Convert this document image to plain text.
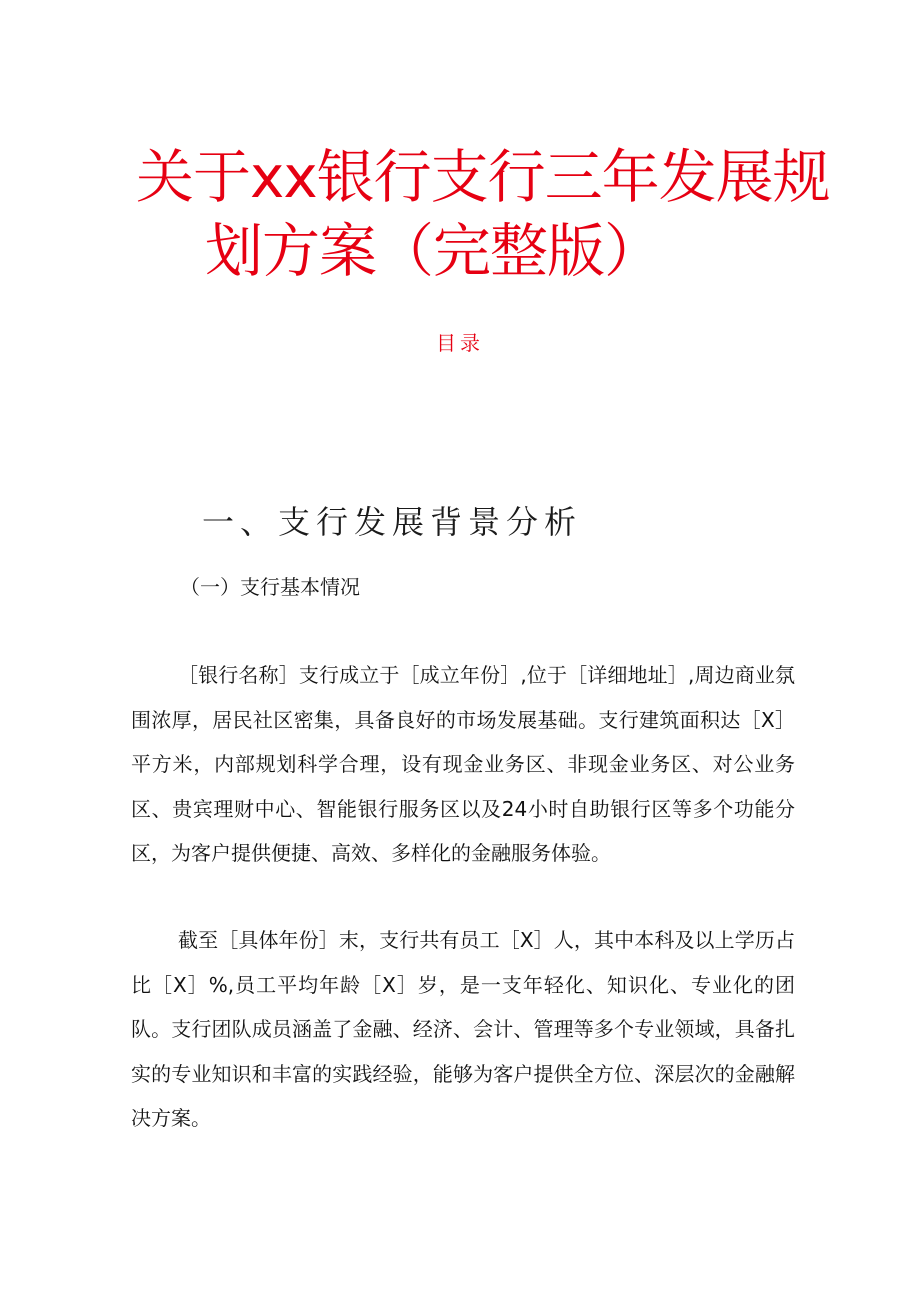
关于xx银行支行三年发展规
划方案（完整版）
目录
一、支行发展背景分析
（一）支行基本情况

［银行名称］支行成立于［成立年份］,位于［详细地址］,周边商业氛围浓厚，居民社区密集，具备良好的市场发展基础。支行建筑面积达［X］平方米，内部规划科学合理，设有现金业务区、非现金业务区、对公业务区、贵宾理财中心、智能银行服务区以及24小时自助银行区等多个功能分区，为客户提供便捷、高效、多样化的金融服务体验。

截至［具体年份］末，支行共有员工［X］人，其中本科及以上学历占比［X］%,员工平均年龄［X］岁，是一支年轻化、知识化、专业化的团队。支行团队成员涵盖了金融、经济、会计、管理等多个专业领域，具备扎实的专业知识和丰富的实践经验，能够为客户提供全方位、深层次的金融解决方案。
